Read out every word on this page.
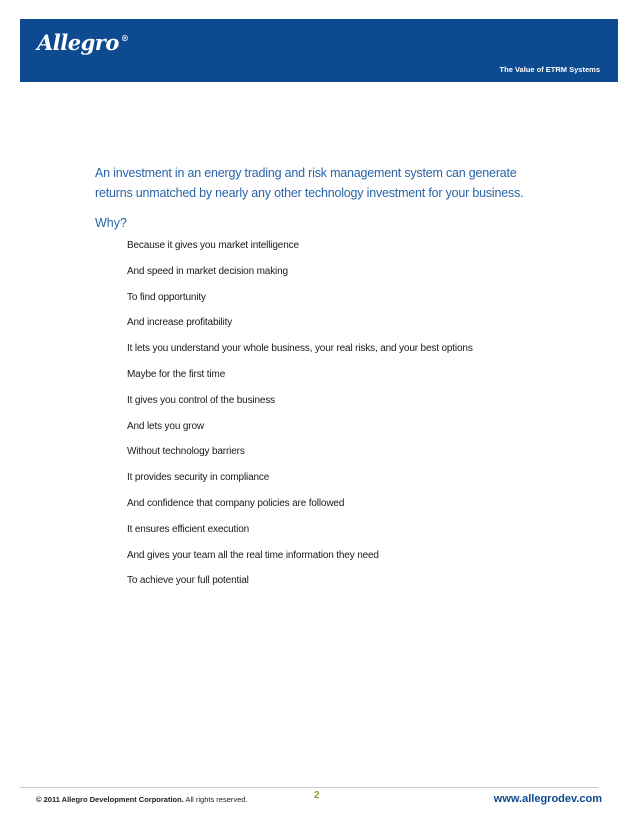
Allegro ®
The Value of ETRM Systems

An investment in an energy trading and risk management system can generate

returns unmatched by nearly any other technology investment for your business.

Why?
Because it gives you market intelligence
And speed in market decision making
To find opportunity
And increase profitability
It lets you understand your whole business, your real risks, and your best options
Maybe for the first time
It gives you control of the business
And lets you grow
Without technology barriers
It provides security in compliance
And confidence that company policies are followed
It ensures efficient execution
And gives your team all the real time information they need
To achieve your full potential
© 2011 Allegro Development Corporation. All rights reserved.	2	www.allegrodev.com
